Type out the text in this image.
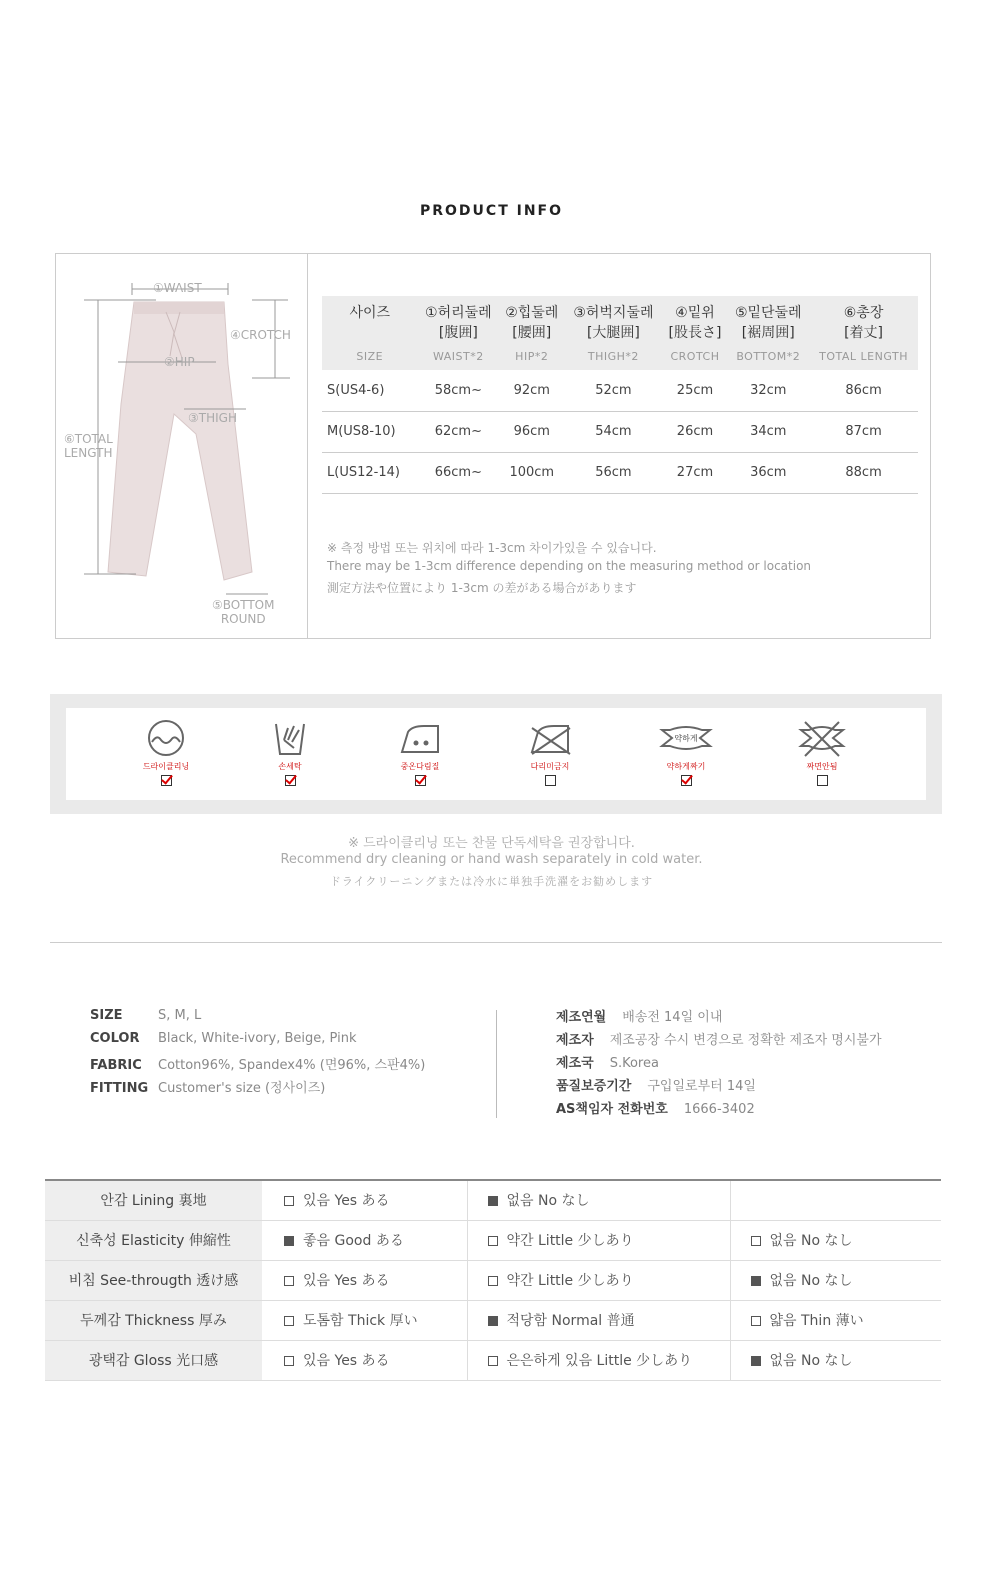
PRODUCT INFO
①WAIST
④CROTCH
②HIP
③THIGH
⑥TOTAL
LENGTH
⑤BOTTOM
ROUND
사이즈	①허리둘레	②힙둘레	③허벅지둘레	④밑위	⑤밑단둘레	⑥총장
	[腹囲]	[腰囲]	[大腿囲]	[股長さ]	[裾周囲]	[着丈]
SIZE	WAIST*2	HIP*2	THIGH*2	CROTCH	BOTTOM*2	TOTAL LENGTH
S(US4-6)	58cm~	92cm	52cm	25cm	32cm	86cm
M(US8-10)	62cm~	96cm	54cm	26cm	34cm	87cm
L(US12-14)	66cm~	100cm	56cm	27cm	36cm	88cm
※ 측정 방법 또는 위치에 따라 1-3cm 차이가있을 수 있습니다.
There may be 1-3cm difference depending on the measuring method or location
測定方法や位置により 1-3cm の差がある場合があります
드라이클리닝	손세탁	중온다림질	다리미금지
약하게
약하게짜기	짜면안됨
※ 드라이클리닝 또는 찬물 단독세탁을 권장합니다.
Recommend dry cleaning or hand wash separately in cold water.
ドライクリーニングまたは冷水に単独手洗濯をお勧めします
SIZE	S, M, L
COLOR Black, White-ivory, Beige, Pink
FABRIC Cotton96%, Spandex4% (면96%, 스판4%)
FITTING Customer's size (정사이즈)
제조연월 배송전 14일 이내
제조자 제조공장 수시 변경으로 정확한 제조자 명시불가
제조국 S.Korea
품질보증기간 구입일로부터 14일
AS책임자 전화번호 1666-3402
안감 Lining 裏地	있음 Yes ある	없음 No なし	
신축성 Elasticity 伸縮性	좋음 Good ある	약간 Little 少しあり	없음 No なし
비침 See-througth 透け感	있음 Yes ある	약간 Little 少しあり	없음 No なし
두께감 Thickness 厚み	도톰함 Thick 厚い	적당함 Normal 普通	얇음 Thin 薄い
광택감 Gloss 光口感	있음 Yes ある	은은하게 있음 Little 少しあり	없음 No なし
